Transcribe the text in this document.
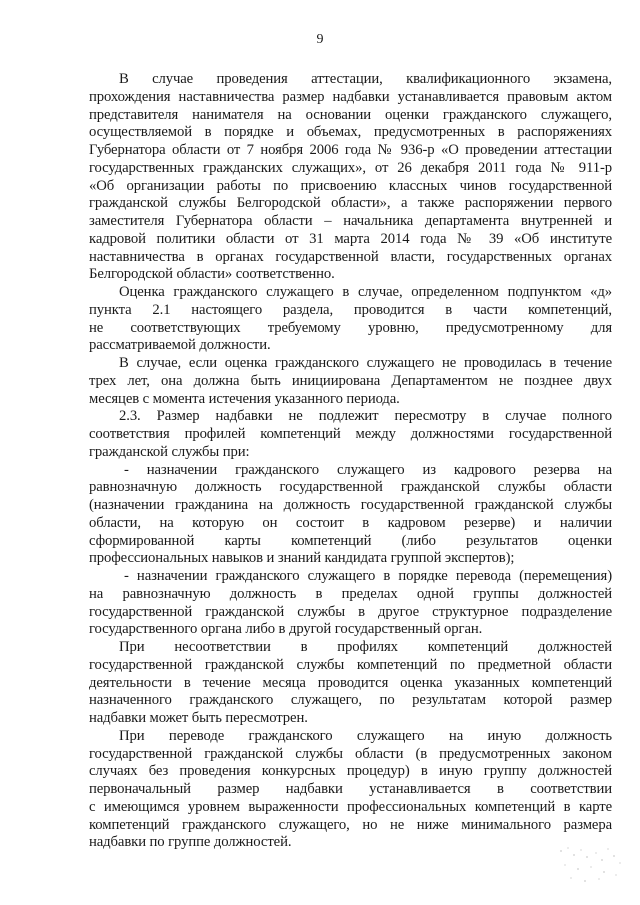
9
В случае проведения аттестации, квалификационного экзамена,
прохождения наставничества размер надбавки устанавливается правовым актом
представителя нанимателя на основании оценки гражданского служащего,
осуществляемой в порядке и объемах, предусмотренных в распоряжениях
Губернатора области от 7 ноября 2006 года № 936-р «О проведении аттестации
государственных гражданских служащих», от 26 декабря 2011 года № 911-р
«Об организации работы по присвоению классных чинов государственной
гражданской службы Белгородской области», а также распоряжении первого
заместителя Губернатора области – начальника департамента внутренней и
кадровой политики области от 31 марта 2014 года № 39 «Об институте
наставничества в органах государственной власти, государственных органах
Белгородской области» соответственно.
Оценка гражданского служащего в случае, определенном подпунктом «д»
пункта 2.1 настоящего раздела, проводится в части компетенций,
не соответствующих требуемому уровню, предусмотренному для
рассматриваемой должности.
В случае, если оценка гражданского служащего не проводилась в течение
трех лет, она должна быть инициирована Департаментом не позднее двух
месяцев с момента истечения указанного периода.
2.3. Размер надбавки не подлежит пересмотру в случае полного
соответствия профилей компетенций между должностями государственной
гражданской службы при:
- назначении гражданского служащего из кадрового резерва на
равнозначную должность государственной гражданской службы области
(назначении гражданина на должность государственной гражданской службы
области, на которую он состоит в кадровом резерве) и наличии
сформированной карты компетенций (либо результатов оценки
профессиональных навыков и знаний кандидата группой экспертов);
- назначении гражданского служащего в порядке перевода (перемещения)
на равнозначную должность в пределах одной группы должностей
государственной гражданской службы в другое структурное подразделение
государственного органа либо в другой государственный орган.
При несоответствии в профилях компетенций должностей
государственной гражданской службы компетенций по предметной области
деятельности в течение месяца проводится оценка указанных компетенций
назначенного гражданского служащего, по результатам которой размер
надбавки может быть пересмотрен.
При переводе гражданского служащего на иную должность
государственной гражданской службы области (в предусмотренных законом
случаях без проведения конкурсных процедур) в иную группу должностей
первоначальный размер надбавки устанавливается в соответствии
с имеющимся уровнем выраженности профессиональных компетенций в карте
компетенций гражданского служащего, но не ниже минимального размера
надбавки по группе должностей.
